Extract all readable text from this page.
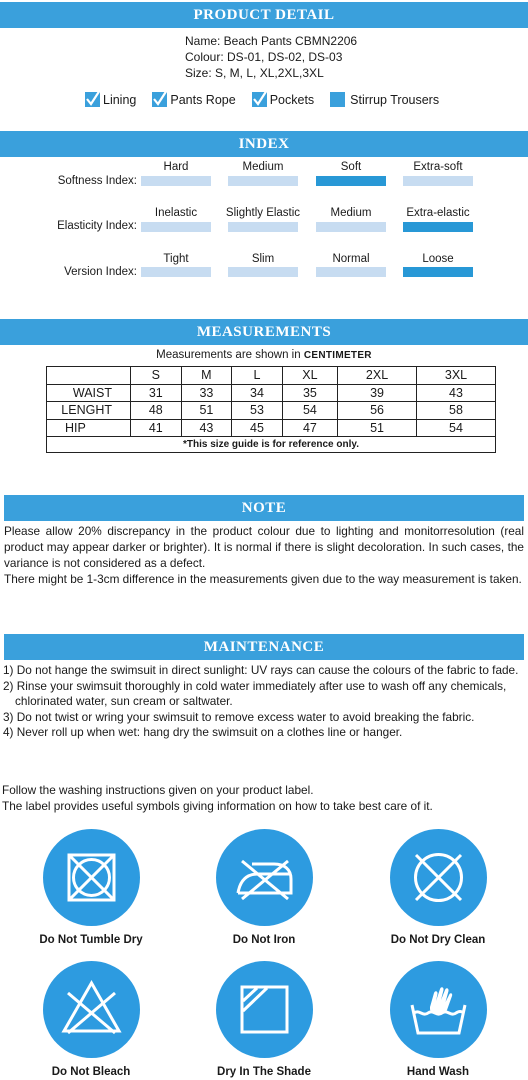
PRODUCT DETAIL
Name: Beach Pants CBMN2206
Colour: DS-01, DS-02, DS-03
Size: S, M, L, XL,2XL,3XL
Lining	Pants Rope	Pockets	Stirrup Trousers
INDEX
Softness Index:
Hard	Medium	Soft	Extra-soft
Elasticity Index:
Inelastic	Slightly Elastic	Medium	Extra-elastic
Version Index:
Tight	Slim	Normal	Loose
MEASUREMENTS
Measurements are shown in CENTIMETER
	S	M	L	XL	2XL	3XL
WAIST	31	33	34	35	39	43
LENGHT	48	51	53	54	56	58
HIP	41	43	45	47	51	54
*This size guide is for reference only.						
NOTE
Please allow 20% discrepancy in the product colour due to lighting and monitorresolution (real product may appear darker or brighter). It is normal if there is slight decoloration. In such cases, the variance is not considered as a defect.
There might be 1-3cm difference in the measurements given due to the way measurement is taken.
MAINTENANCE
1) Do not hange the swimsuit in direct sunlight: UV rays can cause the colours of the fabric to fade.
2) Rinse your swimsuit thoroughly in cold water immediately after use to wash off any chemicals, chlorinated water, sun cream or saltwater.
3) Do not twist or wring your swimsuit to remove excess water to avoid breaking the fabric.
4) Never roll up when wet: hang dry the swimsuit on a clothes line or hanger.
Follow the washing instructions given on your product label.
The label provides useful symbols giving information on how to take best care of it.
Do Not Tumble Dry	Do Not Iron	Do Not Dry Clean
Do Not Bleach	Dry In The Shade	Hand Wash
